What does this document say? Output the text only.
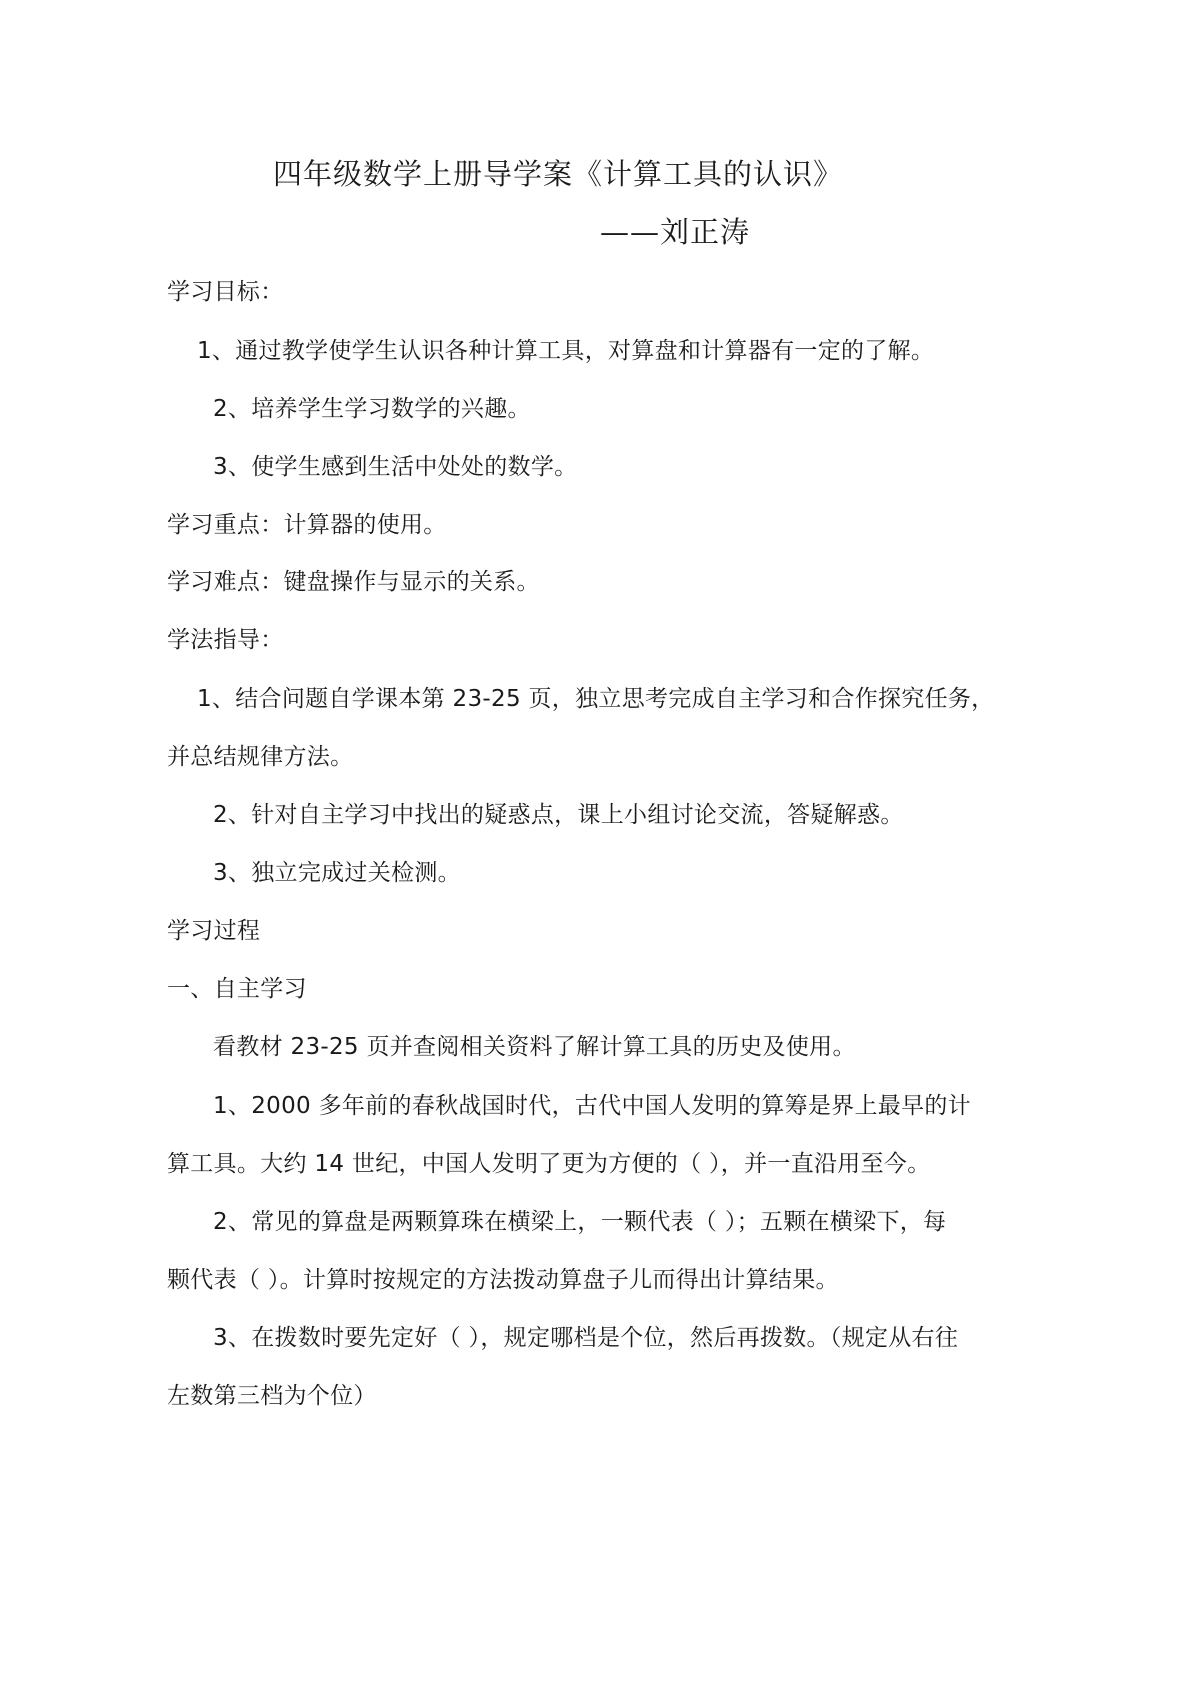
四年级数学上册导学案《计算工具的认识》
——刘正涛
学习目标：
1、通过教学使学生认识各种计算工具，对算盘和计算器有一定的了解。
2、培养学生学习数学的兴趣。
3、使学生感到生活中处处的数学。
学习重点：计算器的使用。
学习难点：键盘操作与显示的关系。
学法指导：
1、结合问题自学课本第 23-25 页，独立思考完成自主学习和合作探究任务，
并总结规律方法。
2、针对自主学习中找出的疑惑点，课上小组讨论交流，答疑解惑。
3、独立完成过关检测。
学习过程
一、自主学习
看教材 23-25 页并查阅相关资料了解计算工具的历史及使用。
1、2000 多年前的春秋战国时代，古代中国人发明的算筹是界上最早的计
算工具。大约 14 世纪，中国人发明了更为方便的（ ），并一直沿用至今。
2、常见的算盘是两颗算珠在横梁上，一颗代表（ ）；五颗在横梁下，每
颗代表（ ）。计算时按规定的方法拨动算盘子儿而得出计算结果。
3、在拨数时要先定好（ ），规定哪档是个位，然后再拨数。（规定从右往
左数第三档为个位）
